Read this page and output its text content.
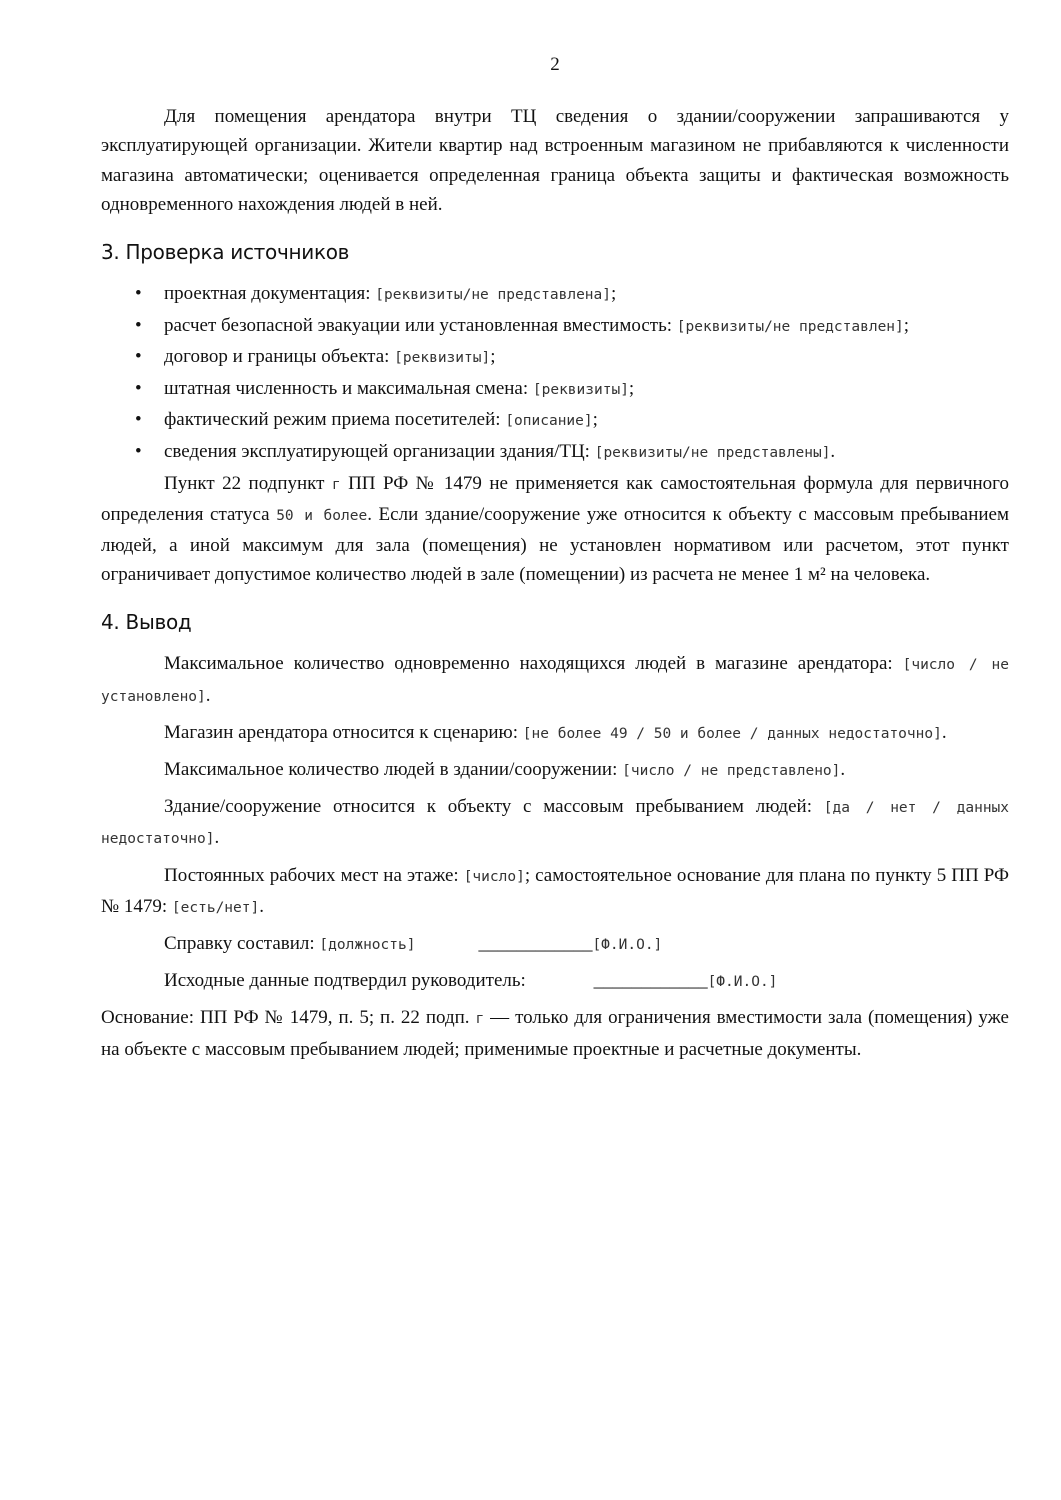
2

Для помещения арендатора внутри ТЦ сведения о здании/сооружении запрашиваются у эксплуатирующей организации. Жители квартир над встроенным магазином не прибавляются к численности магазина автоматически; оценивается определенная граница объекта защиты и фактическая возможность одновременного нахождения людей в ней.

3. Проверка источников
• проектная документация: [реквизиты/не представлена];
• расчет безопасной эвакуации или установленная вместимость: [реквизиты/не представлен];
• договор и границы объекта: [реквизиты];
• штатная численность и максимальная смена: [реквизиты];
• фактический режим приема посетителей: [описание];
• сведения эксплуатирующей организации здания/ТЦ: [реквизиты/не представлены].

Пункт 22 подпункт г ПП РФ № 1479 не применяется как самостоятельная формула для первичного определения статуса 50 и более. Если здание/сооружение уже относится к объекту с массовым пребыванием людей, а иной максимум для зала (помещения) не установлен нормативом или расчетом, этот пункт ограничивает допустимое количество людей в зале (помещении) из расчета не менее 1 м² на человека.

4. Вывод

Максимальное количество одновременно находящихся людей в магазине арендатора: [число / не установлено].

Магазин арендатора относится к сценарию: [не более 49 / 50 и более / данных недостаточно].

Максимальное количество людей в здании/сооружении: [число / не представлено].

Здание/сооружение относится к объекту с массовым пребыванием людей: [да / нет / данных недостаточно].

Постоянных рабочих мест на этаже: [число]; самостоятельное основание для плана по пункту 5 ПП РФ № 1479: [есть/нет].

Справку составил: [должность]	____________[Ф.И.О.]

Исходные данные подтвердил руководитель:	____________[Ф.И.О.]

Основание: ПП РФ № 1479, п. 5; п. 22 подп. г — только для ограничения вместимости зала (помещения) уже на объекте с массовым пребыванием людей; применимые проектные и расчетные документы.
